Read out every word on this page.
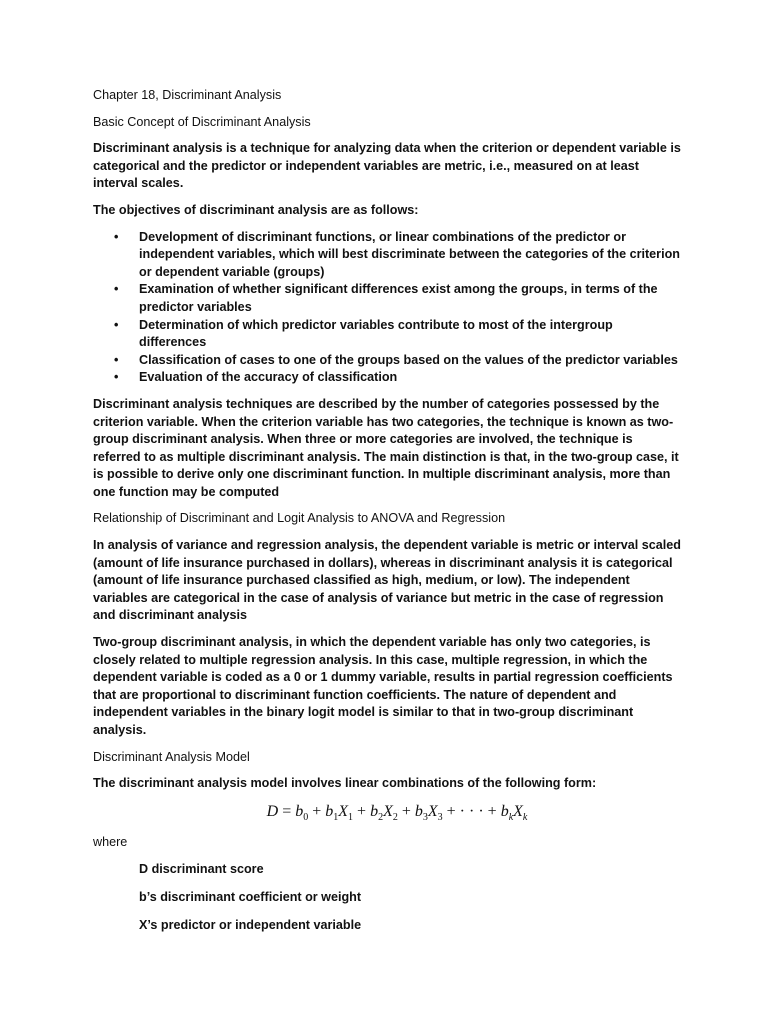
Chapter 18, Discriminant Analysis

Basic Concept of Discriminant Analysis

Discriminant analysis is a technique for analyzing data when the criterion or dependent variable is categorical and the predictor or independent variables are metric, i.e., measured on at least interval scales.

The objectives of discriminant analysis are as follows:

• Development of discriminant functions, or linear combinations of the predictor or independent variables, which will best discriminate between the categories of the criterion or dependent variable (groups)
• Examination of whether significant differences exist among the groups, in terms of the predictor variables
• Determination of which predictor variables contribute to most of the intergroup differences
• Classification of cases to one of the groups based on the values of the predictor variables
• Evaluation of the accuracy of classification

Discriminant analysis techniques are described by the number of categories possessed by the criterion variable. When the criterion variable has two categories, the technique is known as two-group discriminant analysis. When three or more categories are involved, the technique is referred to as multiple discriminant analysis. The main distinction is that, in the two-group case, it is possible to derive only one discriminant function. In multiple discriminant analysis, more than one function may be computed

Relationship of Discriminant and Logit Analysis to ANOVA and Regression

In analysis of variance and regression analysis, the dependent variable is metric or interval scaled (amount of life insurance purchased in dollars), whereas in discriminant analysis it is categorical (amount of life insurance purchased classified as high, medium, or low). The independent variables are categorical in the case of analysis of variance but metric in the case of regression and discriminant analysis

Two-group discriminant analysis, in which the dependent variable has only two categories, is closely related to multiple regression analysis. In this case, multiple regression, in which the dependent variable is coded as a 0 or 1 dummy variable, results in partial regression coefficients that are proportional to discriminant function coefficients. The nature of dependent and independent variables in the binary logit model is similar to that in two-group discriminant analysis.

Discriminant Analysis Model

The discriminant analysis model involves linear combinations of the following form:

$D = b_0 + b_1X_1 + b_2X_2 + b_3X_3$ + · · · + $b_kX_k$

where

D discriminant score

b’s discriminant coefficient or weight

X’s predictor or independent variable
